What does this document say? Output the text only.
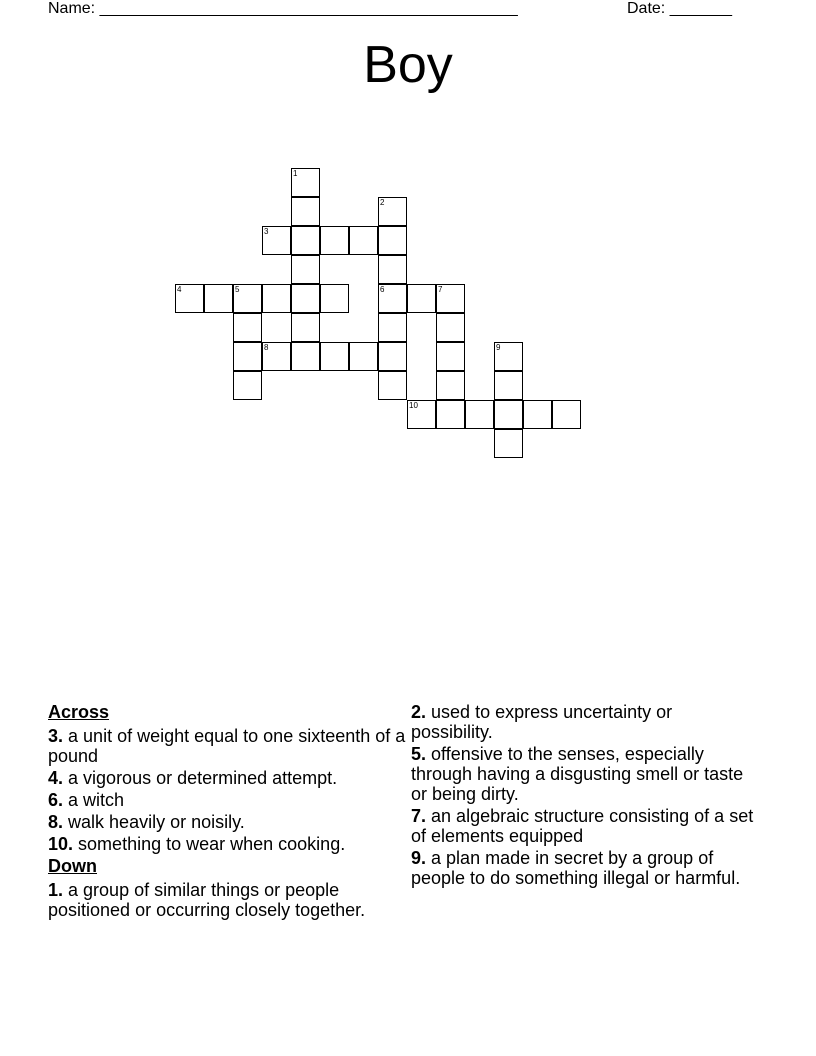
Name: _______________________________________________	Date: _______
Boy
1
2
3
4	5	6	7
8	9
10
Across
3. a unit of weight equal to one sixteenth of a pound
4. a vigorous or determined attempt.
6. a witch
8. walk heavily or noisily.
10. something to wear when cooking.
Down
1. a group of similar things or people positioned or occurring closely together.
2. used to express uncertainty or possibility.
5. offensive to the senses, especially through having a disgusting smell or taste or being dirty.
7. an algebraic structure consisting of a set of elements equipped
9. a plan made in secret by a group of people to do something illegal or harmful.
